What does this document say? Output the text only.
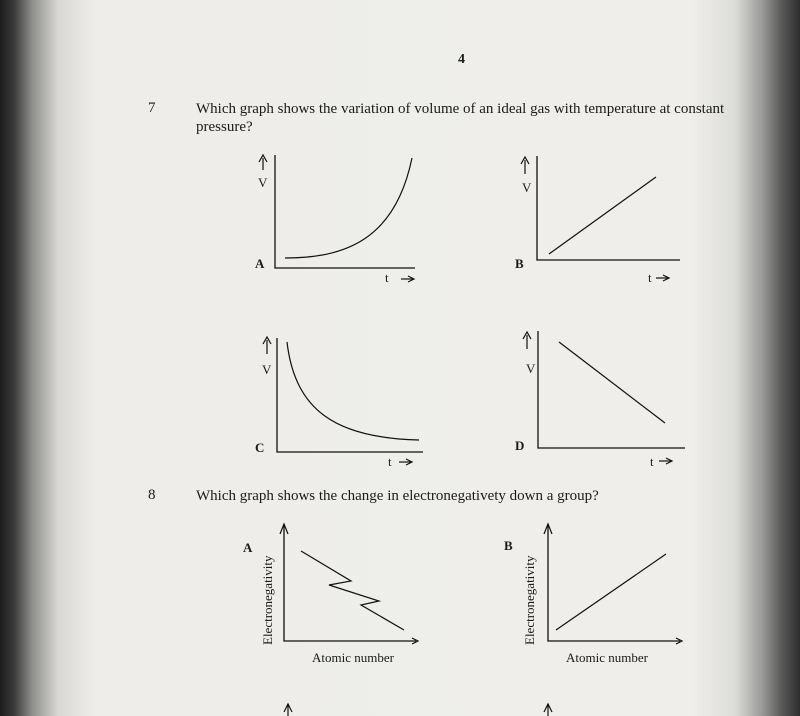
4
7	Which graph shows the variation of volume of an ideal gas with temperature at constant
pressure?
A
V
t
B
V
t
C
V
t
D
V
t
8	Which graph shows the change in electronegativety down a group?
A
Electronegativity
Atomic number
B
Electronegativity
Atomic number
